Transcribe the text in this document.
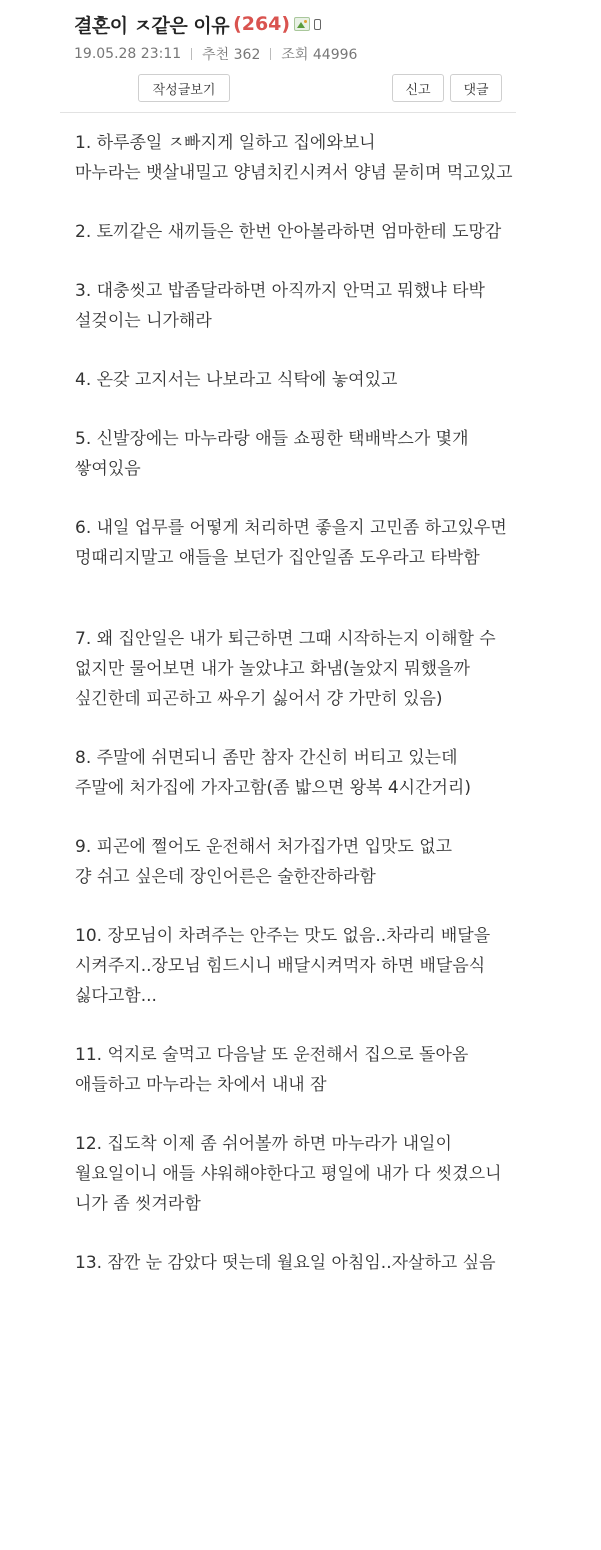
결혼이 ㅈ같은 이유 (264)
19.05.28 23:11 추천 362 조회 44996
작성글보기	신고	댓글

1. 하루종일 ㅈ빠지게 일하고 집에와보니

마누라는 뱃살내밀고 양념치킨시켜서 양념 묻히며 먹고있고

2. 토끼같은 새끼들은 한번 안아볼라하면 엄마한테 도망감

3. 대충씻고 밥좀달라하면 아직까지 안먹고 뭐했냐 타박

설겆이는 니가해라

4. 온갖 고지서는 나보라고 식탁에 놓여있고

5. 신발장에는 마누라랑 애들 쇼핑한 택배박스가 몇개 쌓여있음

6. 내일 업무를 어떻게 처리하면 좋을지 고민좀 하고있우면

멍때리지말고 애들을 보던가 집안일좀 도우라고 타박함

7. 왜 집안일은 내가 퇴근하면 그때 시작하는지 이해할 수 없지만 물어보면 내가 놀았냐고 화냄(놀았지 뭐했을까 싶긴한데 피곤하고 싸우기 싫어서 걍 가만히 있음)

8. 주말에 쉬면되니 좀만 참자 간신히 버티고 있는데

주말에 처가집에 가자고함(좀 밟으면 왕복 4시간거리)

9. 피곤에 쩔어도 운전해서 처가집가면 입맛도 없고

걍 쉬고 싶은데 장인어른은 술한잔하라함

10. 장모님이 차려주는 안주는 맛도 없음..차라리 배달을 시켜주지..장모님 힘드시니 배달시켜먹자 하면 배달음식 싫다고함...

11. 억지로 술먹고 다음날 또 운전해서 집으로 돌아옴

애들하고 마누라는 차에서 내내 잠

12. 집도착 이제 좀 쉬어볼까 하면 마누라가 내일이 월요일이니 애들 샤워해야한다고 평일에 내가 다 씻겼으니 니가 좀 씻겨라함

13. 잠깐 눈 감았다 떳는데 월요일 아침임..자살하고 싶음
